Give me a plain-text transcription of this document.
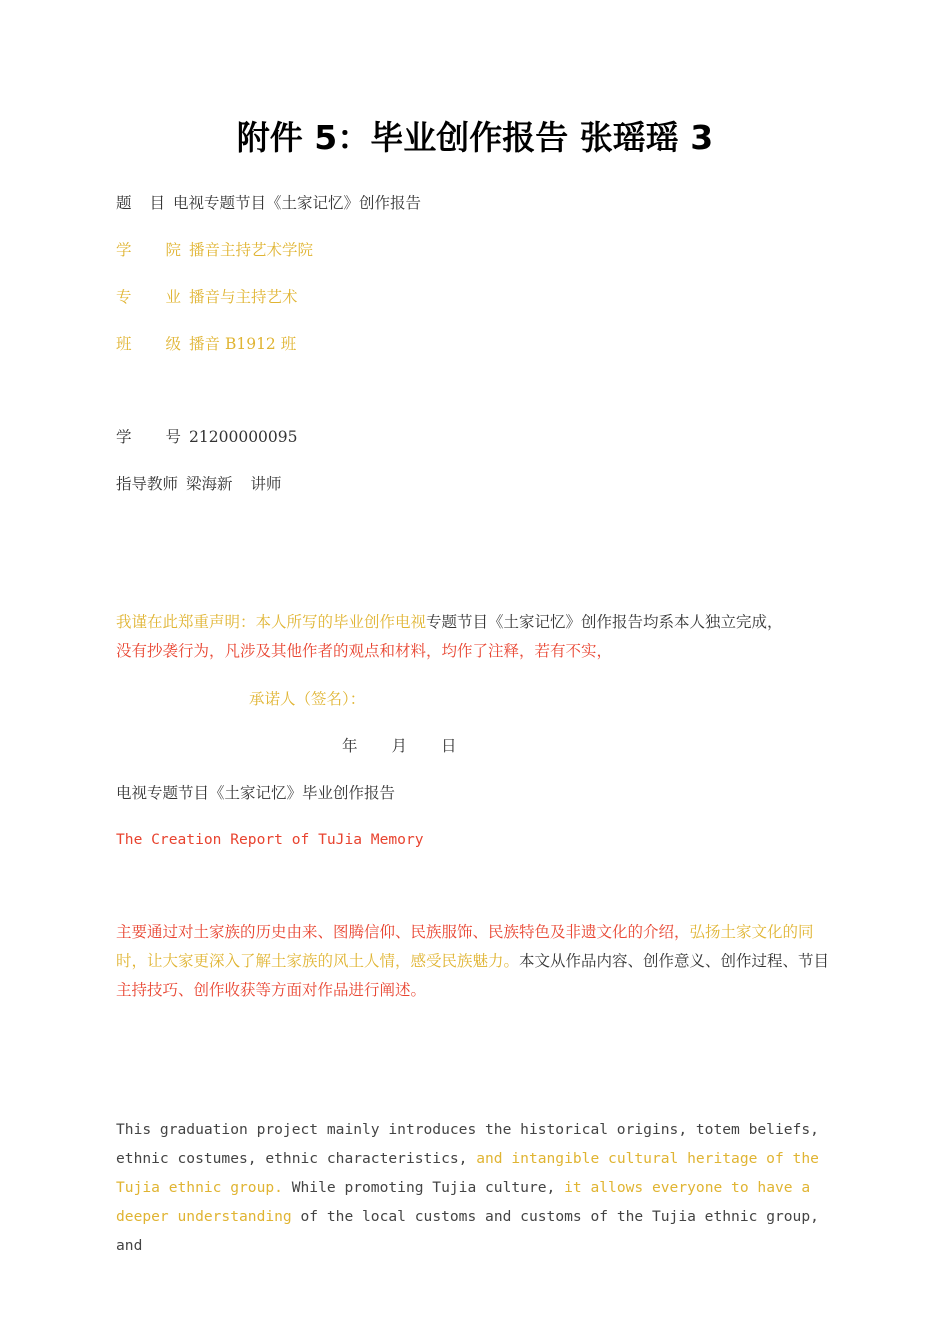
附件 5：毕业创作报告 张瑶瑶 3
题 目 电视专题节目《土家记忆》创作报告
学 院 播音主持艺术学院
专 业 播音与主持艺术
班 级 播音 B1912 班
学 号 21200000095
指导教师 梁海新 讲师
我谨在此郑重声明：本人所写的毕业创作电视专题节目《土家记忆》创作报告均系本人独立完成，
没有抄袭行为，凡涉及其他作者的观点和材料，均作了注释，若有不实，
承诺人（签名）：
年 月 日
电视专题节目《土家记忆》毕业创作报告
The Creation Report of TuJia Memory
主要通过对土家族的历史由来、图腾信仰、民族服饰、民族特色及非遗文化的介绍，弘扬土家文化的同时，让大家更深入了解土家族的风土人情，感受民族魅力。本文从作品内容、创作意义、创作过程、节目主持技巧、创作收获等方面对作品进行阐述。
This graduation project mainly introduces the historical origins, totem beliefs, ethnic costumes, ethnic characteristics, and intangible cultural heritage of the Tujia ethnic group. While promoting Tujia culture, it allows everyone to have a deeper understanding of the local customs and customs of the Tujia ethnic group, and
